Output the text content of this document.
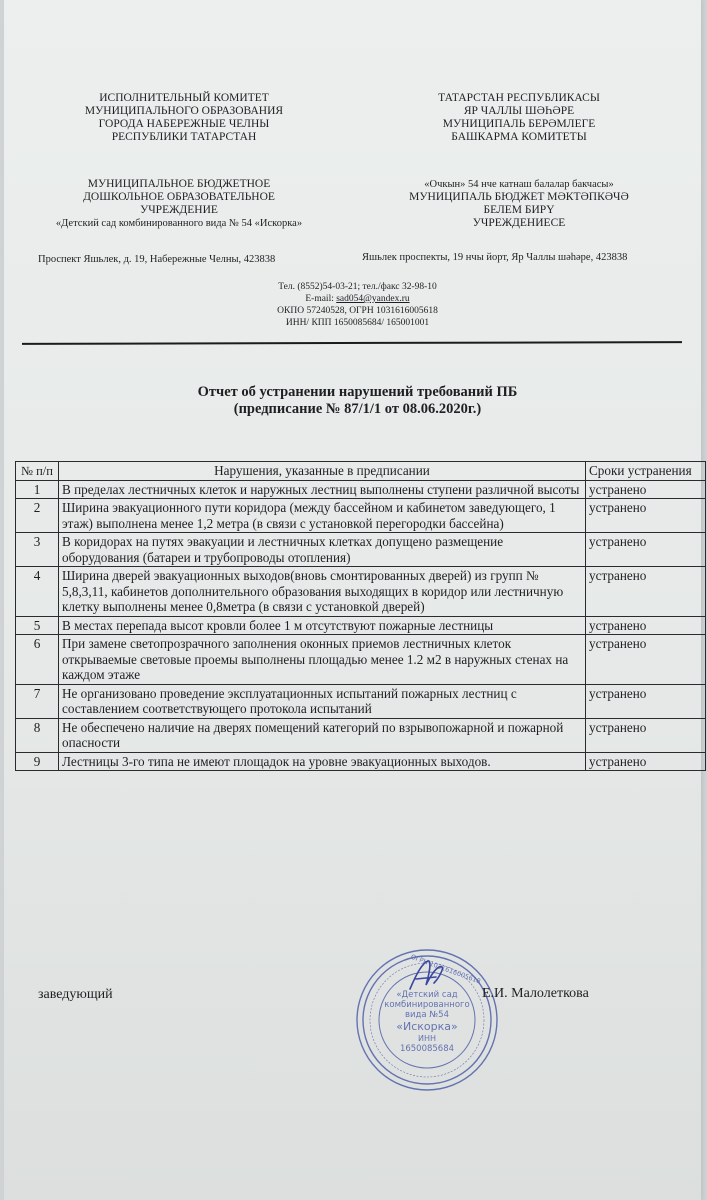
ИСПОЛНИТЕЛЬНЫЙ КОМИТЕТ
МУНИЦИПАЛЬНОГО ОБРАЗОВАНИЯ
ГОРОДА НАБЕРЕЖНЫЕ ЧЕЛНЫ
РЕСПУБЛИКИ ТАТАРСТАН
МУНИЦИПАЛЬНОЕ БЮДЖЕТНОЕ
ДОШКОЛЬНОЕ ОБРАЗОВАТЕЛЬНОЕ
УЧРЕЖДЕНИЕ
«Детский сад комбинированного вида № 54 «Искорка»
ТАТАРСТАН РЕСПУБЛИКАСЫ
ЯР ЧАЛЛЫ ШӘҺӘРЕ
МУНИЦИПАЛЬ БЕРӘМЛЕГЕ
БАШКАРМА КОМИТЕТЫ
«Очкын» 54 нче катнаш балалар бакчасы»
МУНИЦИПАЛЬ БЮДЖЕТ МӘКТӘПКӘЧӘ
БЕЛЕМ БИРҮ
УЧРЕЖДЕНИЕСЕ
Проспект Яшьлек, д. 19, Набережные Челны, 423838	Яшьлек проспекты, 19 нчы йорт, Яр Чаллы шәһәре, 423838
Тел. (8552)54-03-21; тел./факс 32-98-10
E-mail: sad054@yandex.ru
ОКПО 57240528, ОГРН 1031616005618
ИНН/ КПП 1650085684/ 165001001
Отчет об устранении нарушений требований ПБ
(предписание № 87/1/1 от 08.06.2020г.)
№ п/п	Нарушения, указанные в предписании	Сроки устранения
1	В пределах лестничных клеток и наружных лестниц выполнены ступени различной высоты	устранено
2	Ширина эвакуационного пути коридора (между бассейном и кабинетом заведующего, 1 этаж) выполнена менее 1,2 метра (в связи с установкой перегородки бассейна)	устранено
3	В коридорах на путях эвакуации и лестничных клетках допущено размещение оборудования (батареи и трубопроводы отопления)	устранено
4	Ширина дверей эвакуационных выходов(вновь смонтированных дверей) из групп № 5,8,3,11, кабинетов дополнительного образования выходящих в коридор или лестничную клетку выполнены менее 0,8метра (в связи с установкой дверей)	устранено
5	В местах перепада высот кровли более 1 м отсутствуют пожарные лестницы	устранено
6	При замене светопрозрачного заполнения оконных приемов лестничных клеток открываемые световые проемы выполнены площадью менее 1.2 м2 в наружных стенах на каждом этаже	устранено
7	Не организовано проведение эксплуатационных испытаний пожарных лестниц с составлением соответствующего протокола испытаний	устранено
8	Не обеспечено наличие на дверях помещений категорий по взрывопожарной и пожарной опасности	устранено
9	Лестницы 3-го типа не имеют площадок на уровне эвакуационных выходов.	устранено
заведующий	«Детский сад
комбинированного
вида №54
«Искорка»
ИНН
1650085684
ОГРН 1031616005618
Е.И. Малолеткова
